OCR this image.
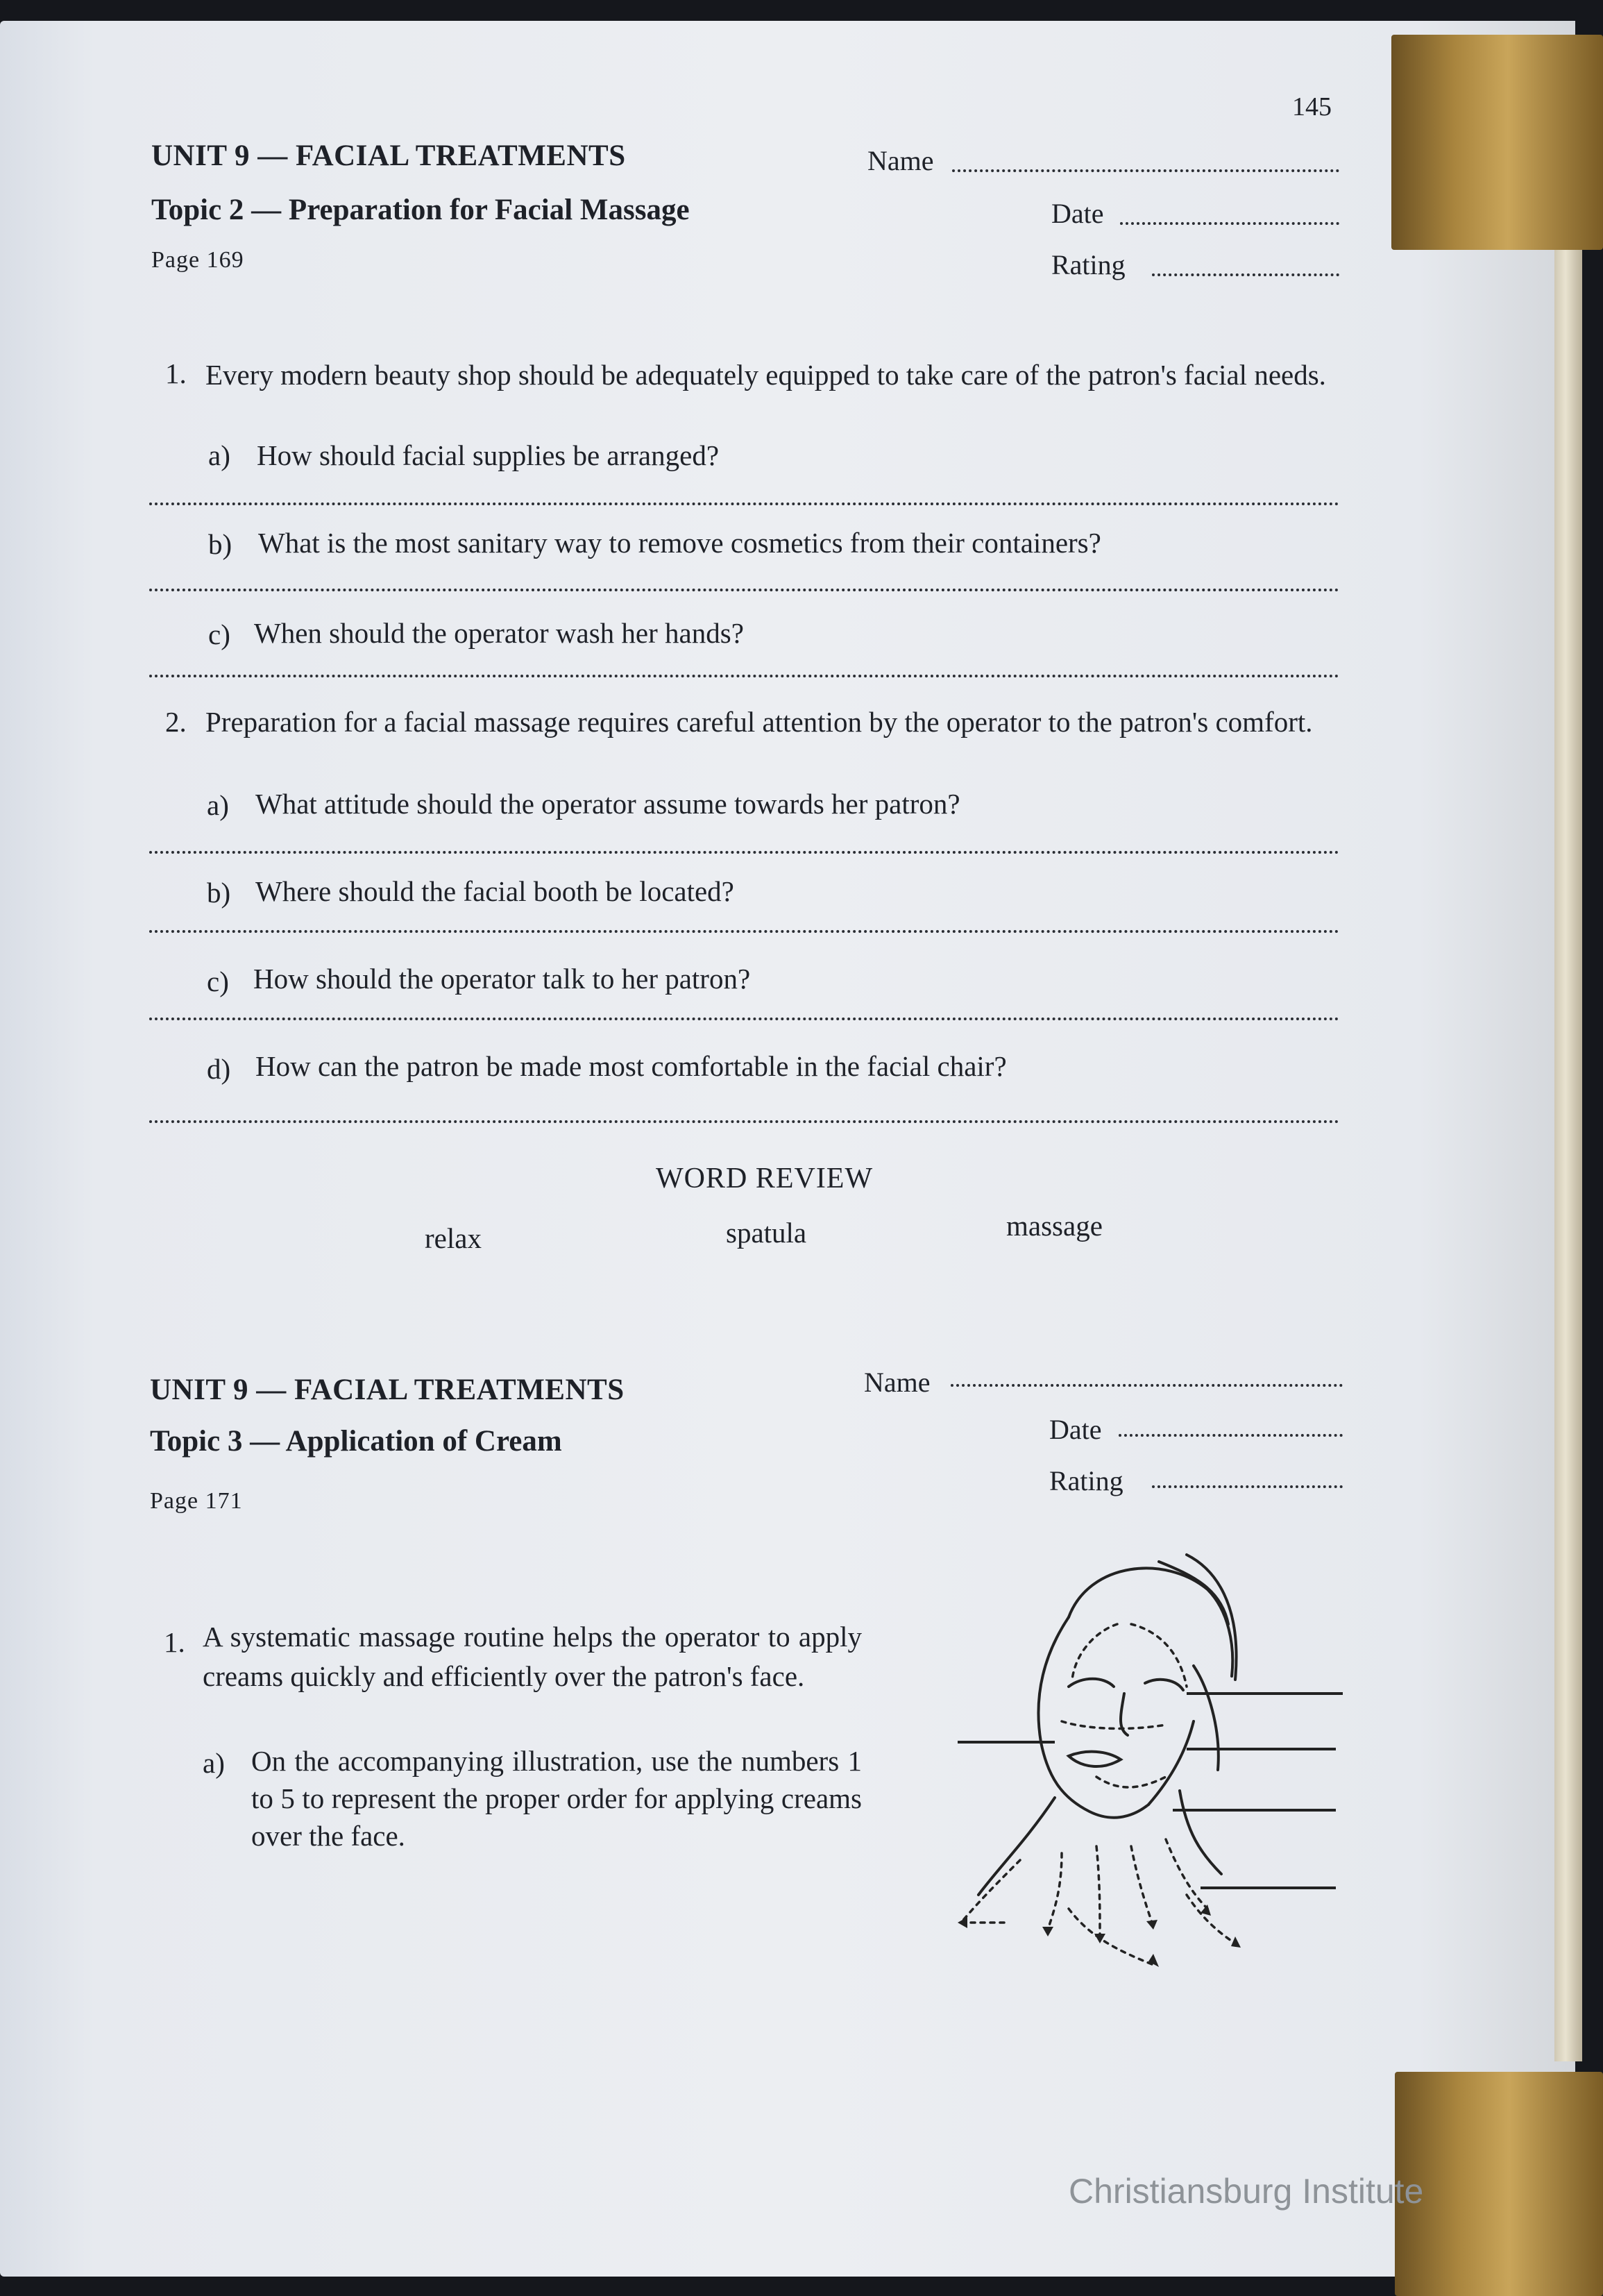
145
UNIT 9 — FACIAL TREATMENTS
Topic 2 — Preparation for Facial Massage
Page 169
Name
Date
Rating
1. Every modern beauty shop should be adequately equipped to take care of the patron's facial needs.
a) How should facial supplies be arranged?
b) What is the most sanitary way to remove cosmetics from their containers?
c) When should the operator wash her hands?
2. Preparation for a facial massage requires careful attention by the operator to the patron's comfort.
a) What attitude should the operator assume towards her patron?
b) Where should the facial booth be located?
c) How should the operator talk to her patron?
d) How can the patron be made most comfortable in the facial chair?
WORD REVIEW
relax	spatula	massage
UNIT 9 — FACIAL TREATMENTS
Topic 3 — Application of Cream
Page 171
Name
Date
Rating
1. A systematic massage routine helps the operator to apply creams quickly and efficiently over the patron's face.
a) On the accompanying illustration, use the numbers 1 to 5 to represent the proper order for applying creams over the face.
Christiansburg Institute
